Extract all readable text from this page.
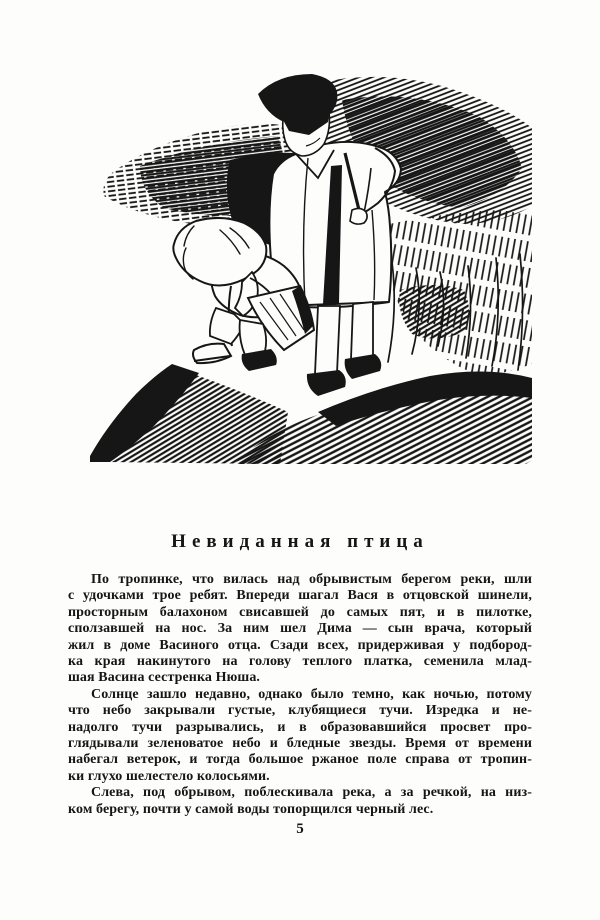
Невиданная птица
По тропинке, что вилась над обрывистым берегом реки, шли
с удочками трое ребят. Впереди шагал Вася в отцовской шинели,
просторным балахоном свисавшей до самых пят, и в пилотке,
сползавшей на нос. За ним шел Дима — сын врача, который
жил в доме Васиного отца. Сзади всех, придерживая у подбород-
ка края накинутого на голову теплого платка, семенила млад-
шая Васина сестренка Нюша.
Солнце зашло недавно, однако было темно, как ночью, потому
что небо закрывали густые, клубящиеся тучи. Изредка и не-
надолго тучи разрывались, и в образовавшийся просвет про-
глядывали зеленоватое небо и бледные звезды. Время от времени
набегал ветерок, и тогда большое ржаное поле справа от тропин-
ки глухо шелестело колосьями.
Слева, под обрывом, поблескивала река, а за речкой, на низ-
ком берегу, почти у самой воды топорщился черный лес.
5
